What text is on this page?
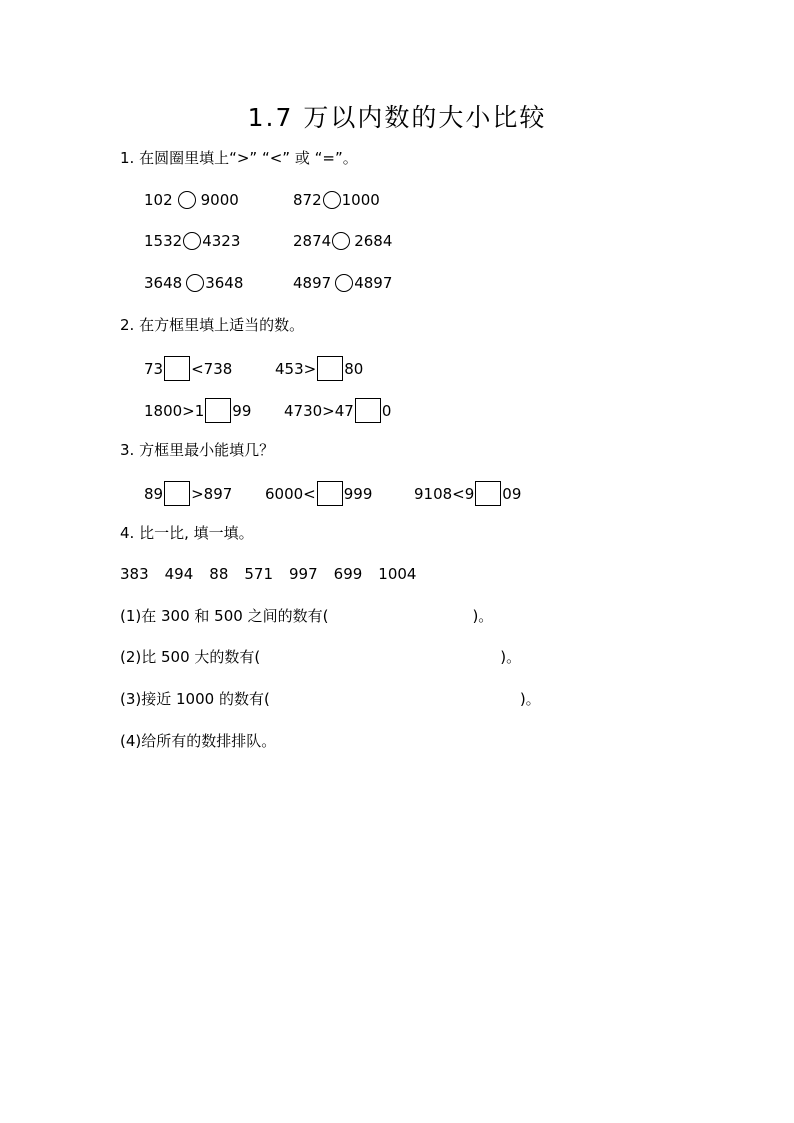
1.7 万以内数的大小比较
1. 在圆圈里填上“>” “<” 或 “=”。
102 9000	872 1000
1532 4323	2874 2684
3648 3648	4897 4897
2. 在方框里填上适当的数。
73 <738	453> 80
1800>1 99 4730>47 0
3. 方框里最小能填几？
89 >897 6000< 999	9108<9 09
4. 比一比, 填一填。
383 494 88 571 997 699 1004
(1)在 300 和 500 之间的数有(	)。
(2)比 500 大的数有(	)。
(3)接近 1000 的数有(	)。
(4)给所有的数排排队。
